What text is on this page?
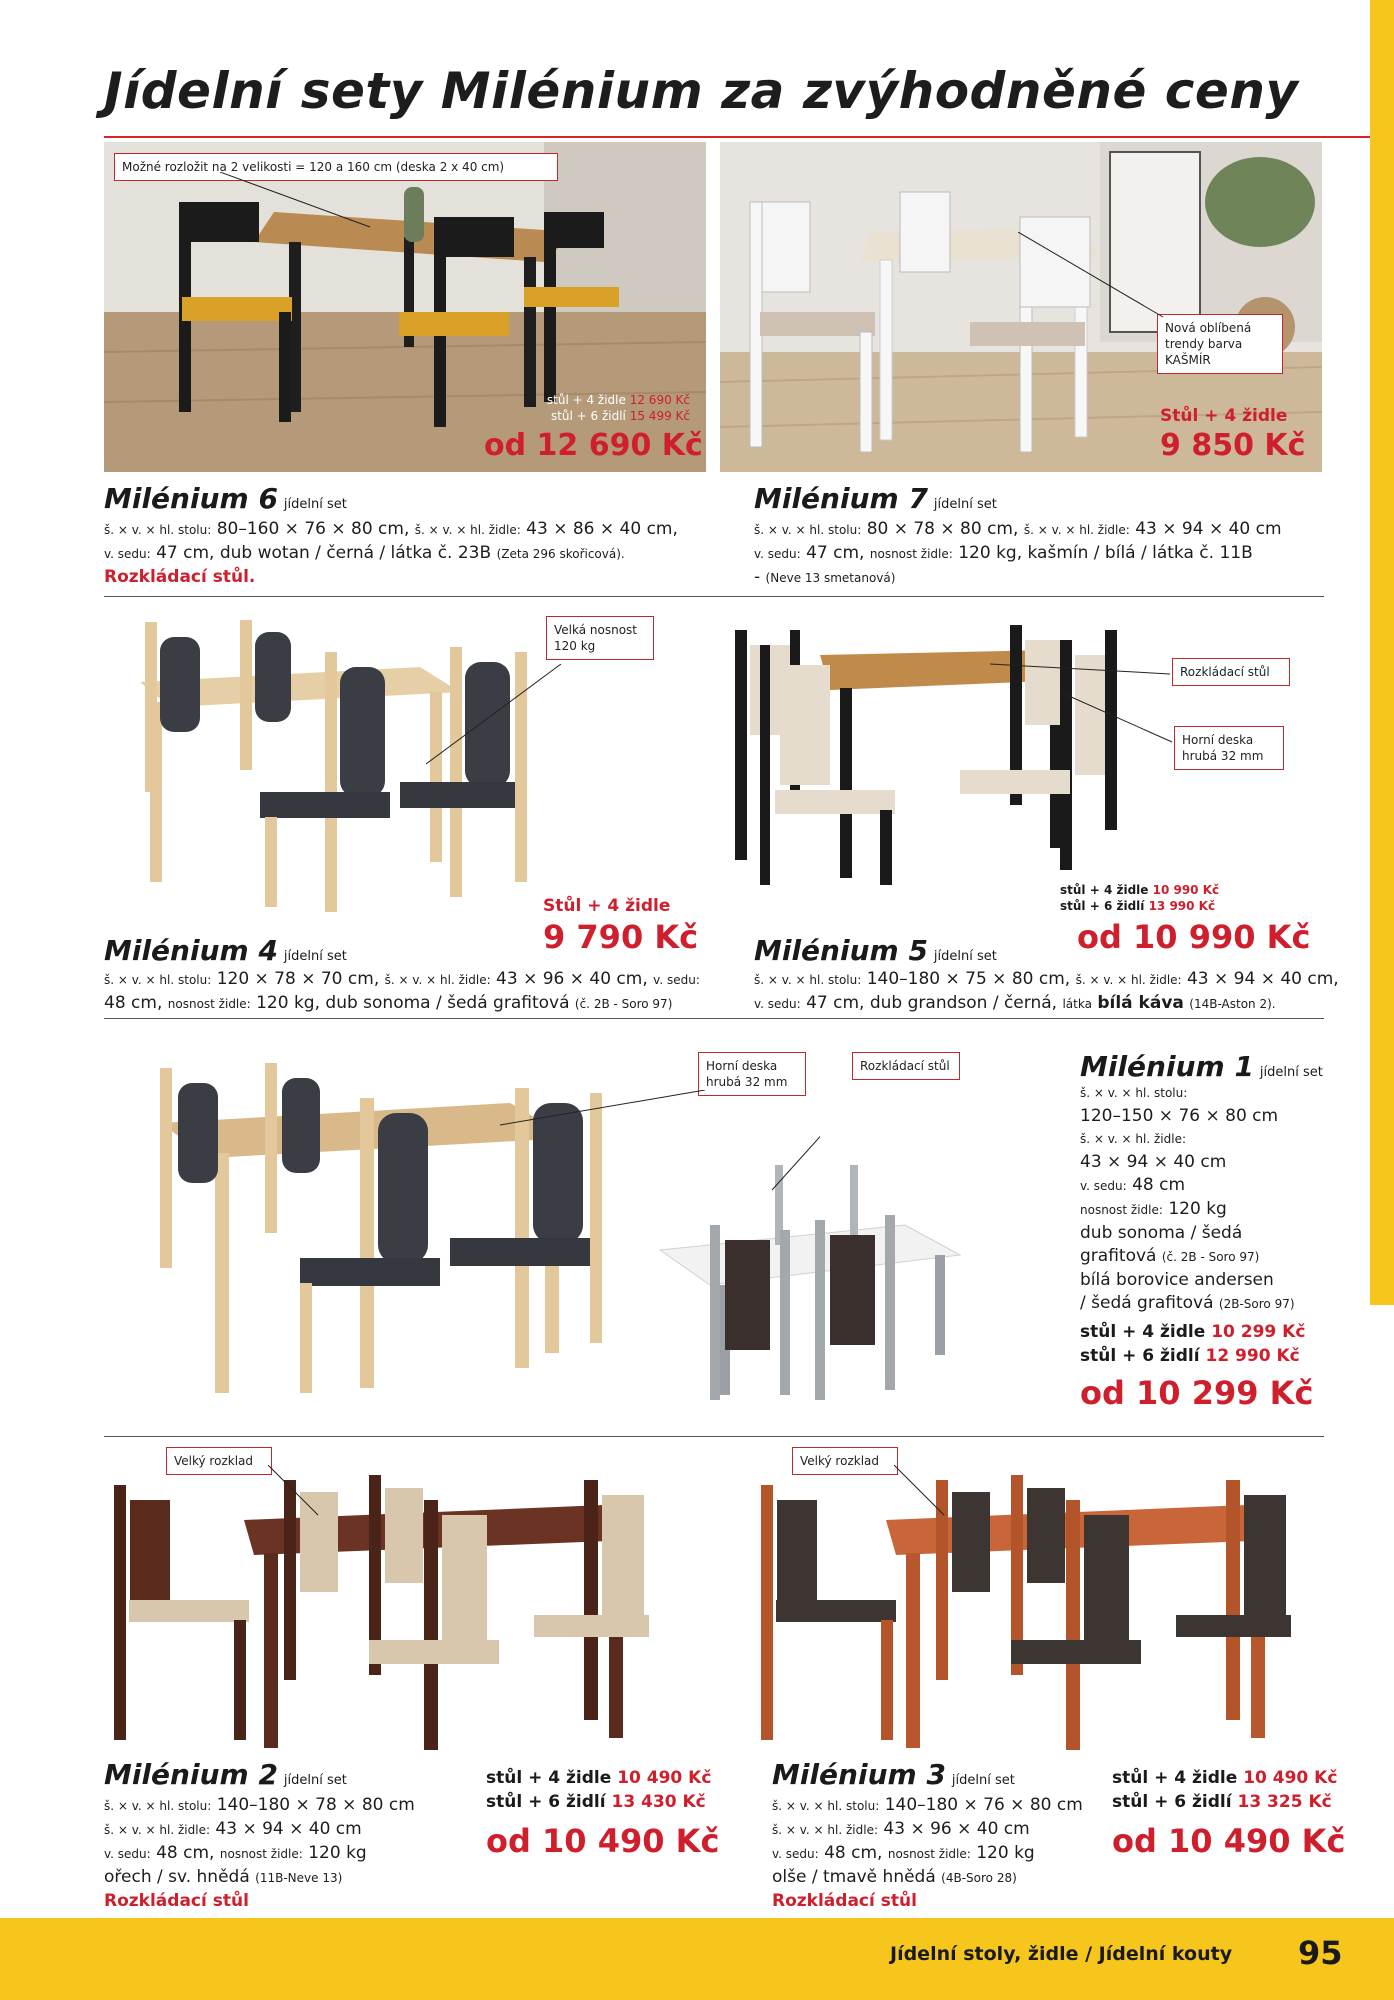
Jídelní stoly, židle / Jídelní kouty 95
Jídelní sety Milénium za zvýhodněné ceny
Možné rozložit na 2 velikosti = 120 a 160 cm (deska 2 x 40 cm)
stůl + 4 židle 12 690 Kč
stůl + 6 židlí 15 499 Kč
od 12 690 Kč
Nová oblíbená trendy barva KAŠMÍR
Stůl + 4 židle
9 850 Kč
Milénium 6 jídelní set
š. × v. × hl. stolu: 80–160 × 76 × 80 cm, š. × v. × hl. židle: 43 × 86 × 40 cm,
v. sedu: 47 cm, dub wotan / černá / látka č. 23B (Zeta 296 skořicová).
Rozkládací stůl.
Milénium 7 jídelní set
š. × v. × hl. stolu: 80 × 78 × 80 cm, š. × v. × hl. židle: 43 × 94 × 40 cm
v. sedu: 47 cm, nosnost židle: 120 kg, kašmín / bílá / látka č. 11B
- (Neve 13 smetanová)
Velká nosnost 120 kg
Stůl + 4 židle
9 790 Kč
Milénium 4 jídelní set
š. × v. × hl. stolu: 120 × 78 × 70 cm, š. × v. × hl. židle: 43 × 96 × 40 cm, v. sedu:
48 cm, nosnost židle: 120 kg, dub sonoma / šedá grafitová (č. 2B - Soro 97)
Rozkládací stůl
Horní deska hrubá 32 mm
stůl + 4 židle 10 990 Kč
stůl + 6 židlí 13 990 Kč
od 10 990 Kč
Milénium 5 jídelní set
š. × v. × hl. stolu: 140–180 × 75 × 80 cm, š. × v. × hl. židle: 43 × 94 × 40 cm,
v. sedu: 47 cm, dub grandson / černá, látka bílá káva (14B-Aston 2).
Horní deska hrubá 32 mm
Rozkládací stůl	Milénium 1 jídelní set
š. × v. × hl. stolu:
120–150 × 76 × 80 cm
š. × v. × hl. židle:
43 × 94 × 40 cm
v. sedu: 48 cm
nosnost židle: 120 kg
dub sonoma / šedá
grafitová (č. 2B - Soro 97)
bílá borovice andersen
/ šedá grafitová (2B-Soro 97)
stůl + 4 židle 10 299 Kč
stůl + 6 židlí 12 990 Kč
od 10 299 Kč
Velký rozklad
Milénium 2 jídelní set
š. × v. × hl. stolu: 140–180 × 78 × 80 cm
š. × v. × hl. židle: 43 × 94 × 40 cm
v. sedu: 48 cm, nosnost židle: 120 kg
ořech / sv. hnědá (11B-Neve 13)
Rozkládací stůl
stůl + 4 židle 10 490 Kč
stůl + 6 židlí 13 430 Kč
od 10 490 Kč
Velký rozklad
Milénium 3 jídelní set
š. × v. × hl. stolu: 140–180 × 76 × 80 cm
š. × v. × hl. židle: 43 × 96 × 40 cm
v. sedu: 48 cm, nosnost židle: 120 kg
olše / tmavě hnědá (4B-Soro 28)
Rozkládací stůl
stůl + 4 židle 10 490 Kč
stůl + 6 židlí 13 325 Kč
od 10 490 Kč
